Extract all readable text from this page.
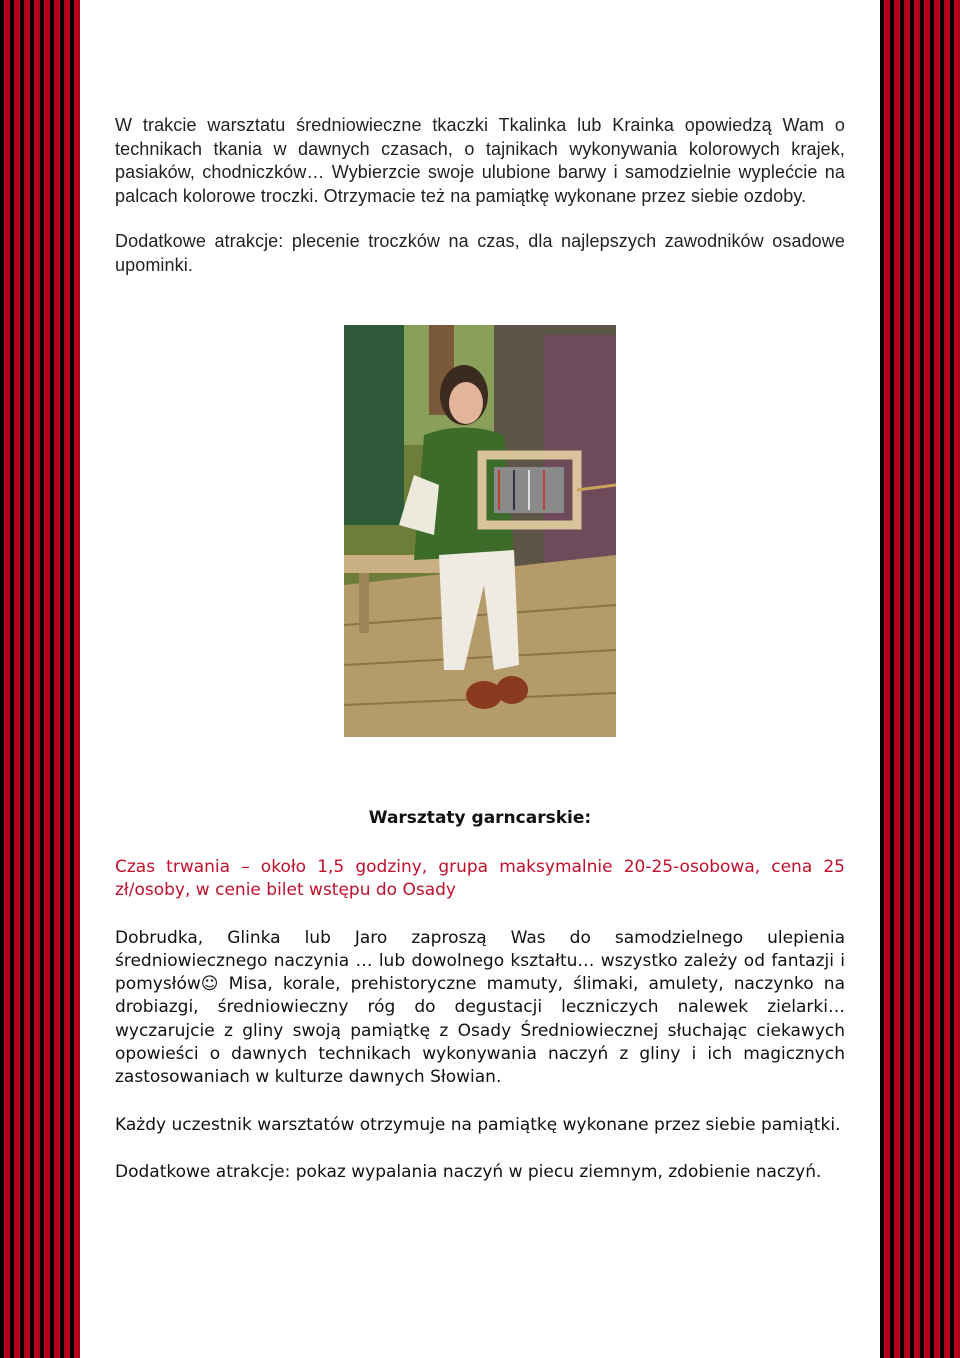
W trakcie warsztatu średniowieczne tkaczki Tkalinka lub Krainka opowiedzą Wam o technikach tkania w dawnych czasach, o tajnikach wykonywania kolorowych krajek, pasiaków, chodniczków… Wybierzcie swoje ulubione barwy i samodzielnie wyplećcie na palcach kolorowe troczki. Otrzymacie też na pamiątkę wykonane przez siebie ozdoby.

Dodatkowe atrakcje: plecenie troczków na czas, dla najlepszych zawodników osadowe upominki.

Warsztaty garncarskie:

Czas trwania – około 1,5 godziny, grupa maksymalnie 20-25-osobowa, cena 25 zł/osoby, w cenie bilet wstępu do Osady

Dobrudka, Glinka lub Jaro zaproszą Was do samodzielnego ulepienia średniowiecznego naczynia … lub dowolnego kształtu… wszystko zależy od fantazji i pomysłów☺ Misa, korale, prehistoryczne mamuty, ślimaki, amulety, naczynko na drobiazgi, średniowieczny róg do degustacji leczniczych nalewek zielarki…wyczarujcie z gliny swoją pamiątkę z Osady Średniowiecznej słuchając ciekawych opowieści o dawnych technikach wykonywania naczyń z gliny i ich magicznych zastosowaniach w kulturze dawnych Słowian.

Każdy uczestnik warsztatów otrzymuje na pamiątkę wykonane przez siebie pamiątki.

Dodatkowe atrakcje: pokaz wypalania naczyń w piecu ziemnym, zdobienie naczyń.
